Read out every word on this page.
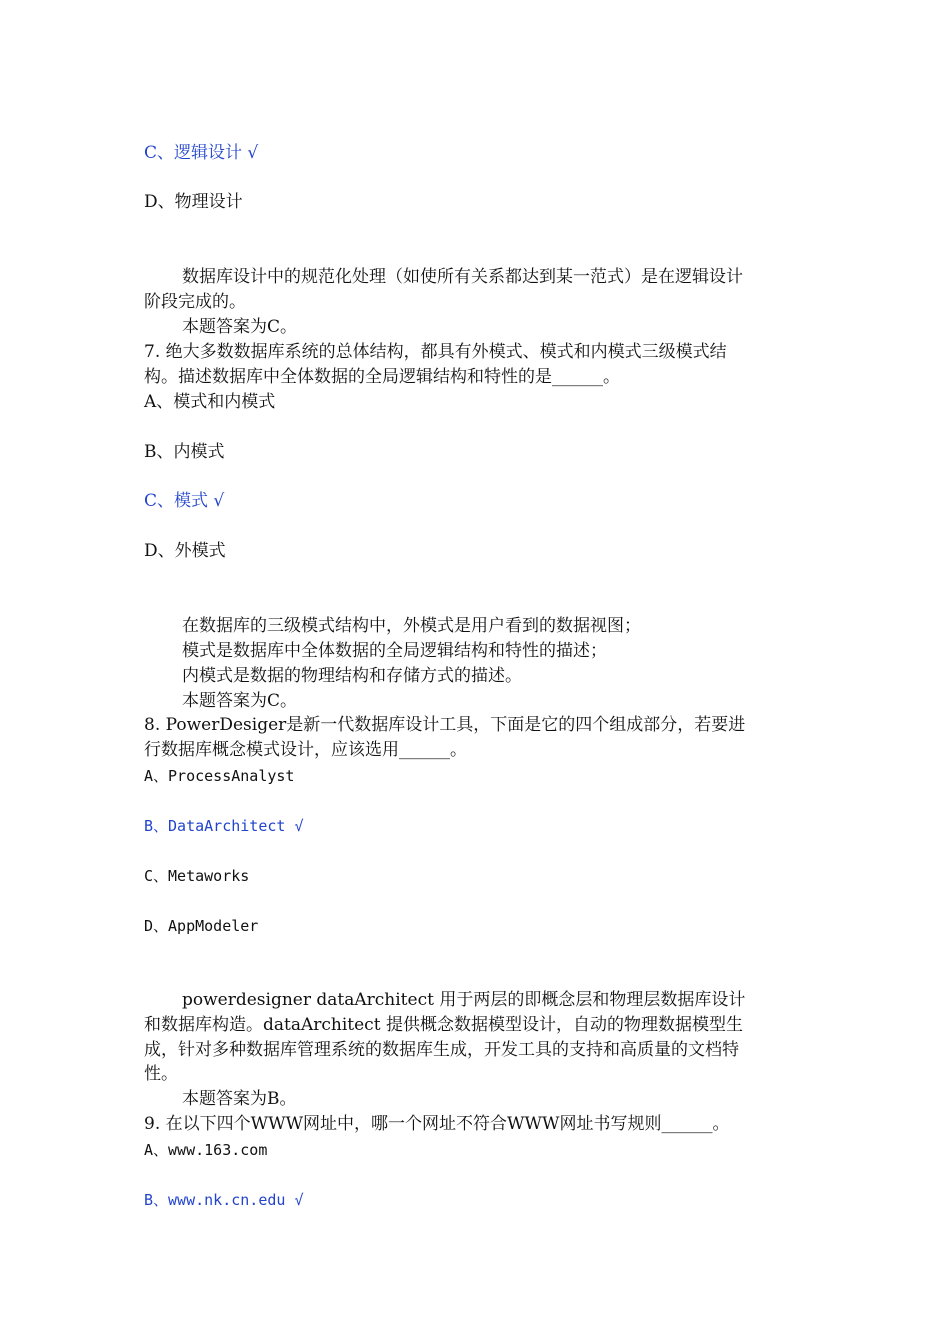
C、逻辑设计 √
D、物理设计
数据库设计中的规范化处理（如使所有关系都达到某一范式）是在逻辑设计
阶段完成的。
本题答案为C。
7. 绝大多数数据库系统的总体结构，都具有外模式、模式和内模式三级模式结
构。描述数据库中全体数据的全局逻辑结构和特性的是______。
A、模式和内模式
B、内模式
C、模式 √
D、外模式
在数据库的三级模式结构中，外模式是用户看到的数据视图；
模式是数据库中全体数据的全局逻辑结构和特性的描述；
内模式是数据的物理结构和存储方式的描述。
本题答案为C。
8. PowerDesiger是新一代数据库设计工具，下面是它的四个组成部分，若要进
行数据库概念模式设计，应该选用______。
A、ProcessAnalyst
B、DataArchitect √
C、Metaworks
D、AppModeler
powerdesigner dataArchitect 用于两层的即概念层和物理层数据库设计
和数据库构造。dataArchitect 提供概念数据模型设计，自动的物理数据模型生
成，针对多种数据库管理系统的数据库生成，开发工具的支持和高质量的文档特
性。
本题答案为B。
9. 在以下四个WWW网址中，哪一个网址不符合WWW网址书写规则______。
A、www.163.com
B、www.nk.cn.edu √
